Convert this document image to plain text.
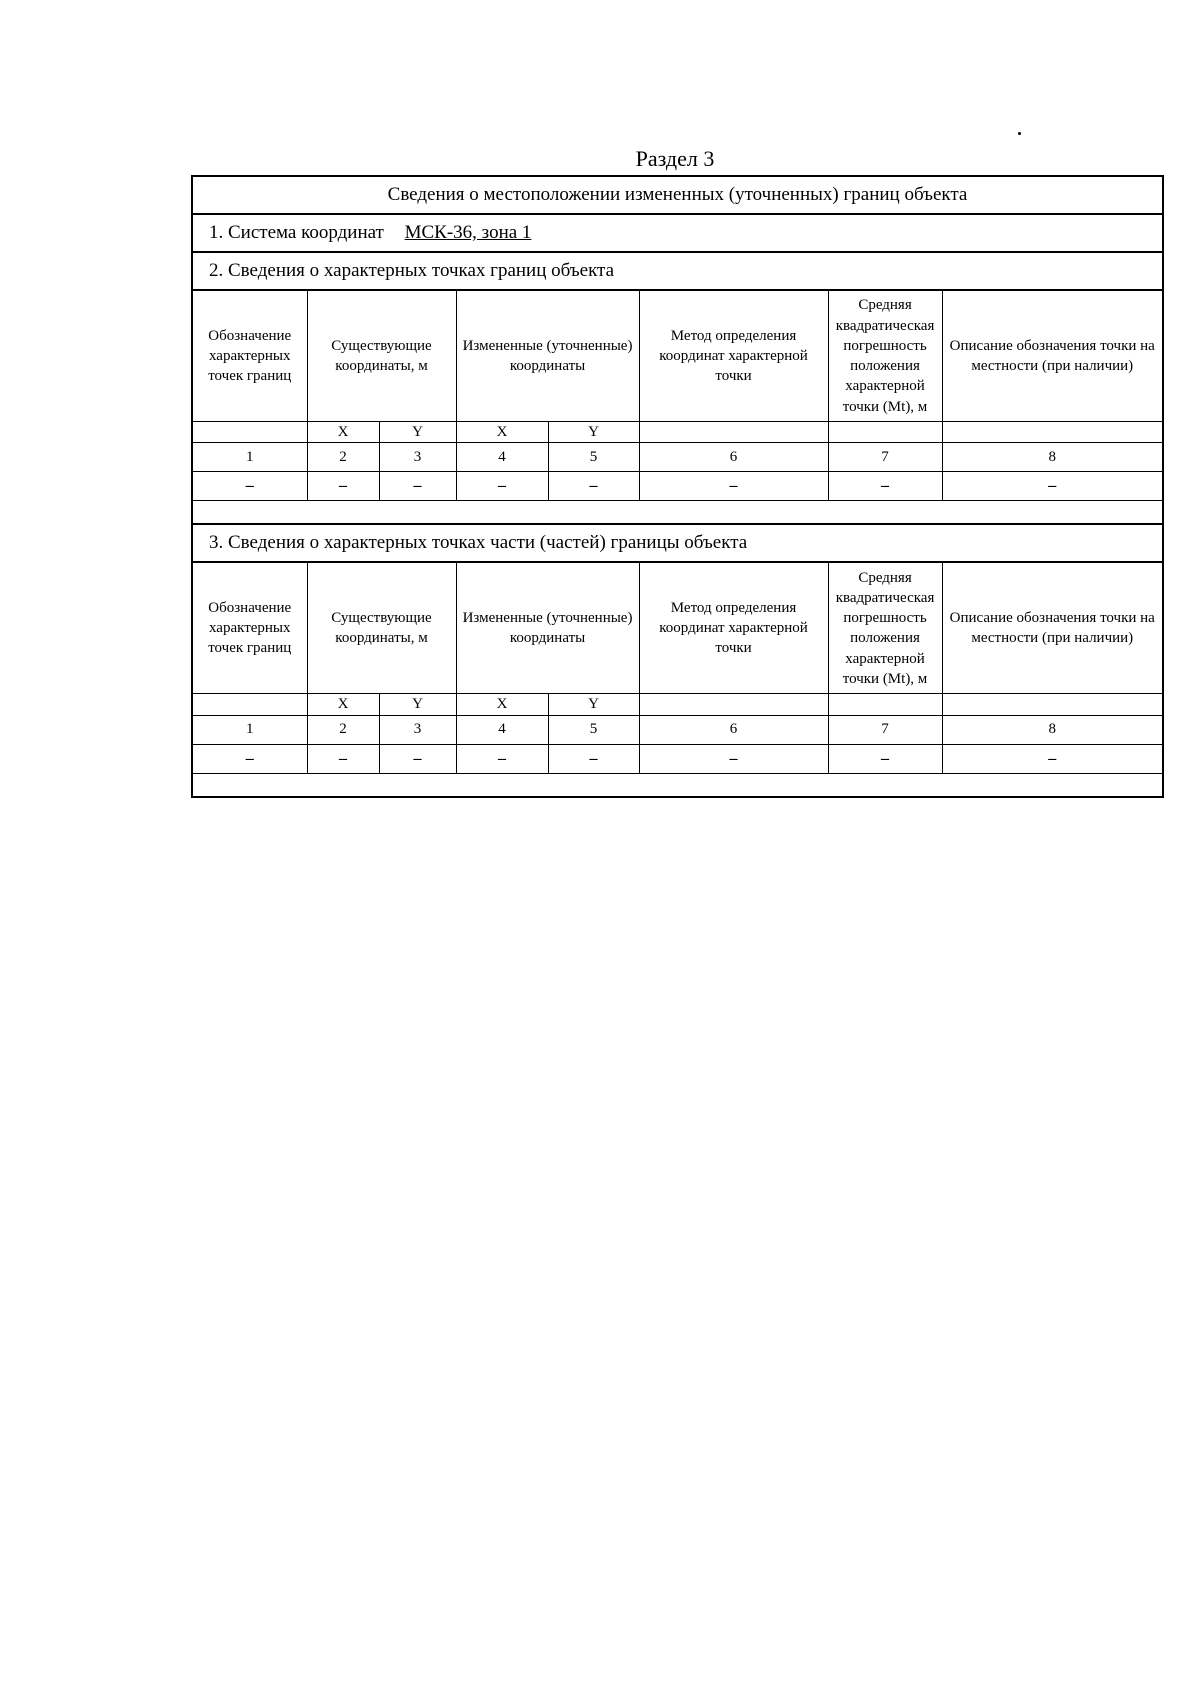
Раздел 3
Сведения о местоположении измененных (уточненных) границ объекта
1. Система координат МСК-36, зона 1
2. Сведения о характерных точках границ объекта
Обозначение характерных точек границ	Существующие координаты, м		Измененные (уточненные) координаты		Метод определения координат характерной точки	Средняя квадратическая погрешность положения характерной точки (Mt), м	Описание обозначения точки на местности (при наличии)
	X	Y	X	Y			
1	2	3	4	5	6	7	8
–	–	–	–	–	–	–	–
3. Сведения о характерных точках части (частей) границы объекта
Обозначение характерных точек границ	Существующие координаты, м		Измененные (уточненные) координаты		Метод определения координат характерной точки	Средняя квадратическая погрешность положения характерной точки (Mt), м	Описание обозначения точки на местности (при наличии)
	X	Y	X	Y			
1	2	3	4	5	6	7	8
–	–	–	–	–	–	–	–
